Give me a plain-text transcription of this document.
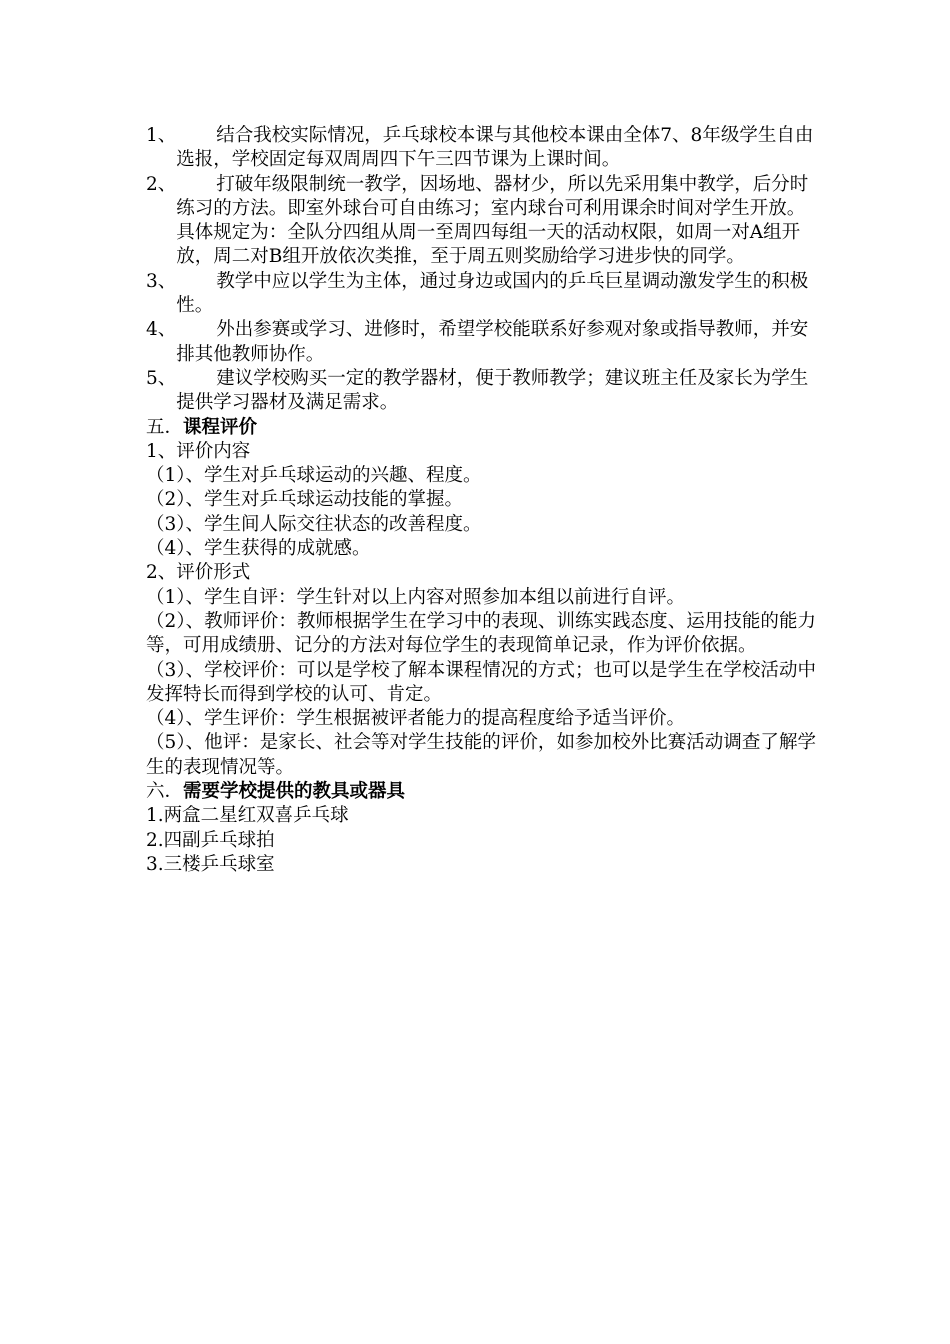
1、	结合我校实际情况，乒乓球校本课与其他校本课由全体7、8年级学生自由选报，学校固定每双周周四下午三四节课为上课时间。
2、	打破年级限制统一教学，因场地、器材少，所以先采用集中教学，后分时练习的方法。即室外球台可自由练习；室内球台可利用课余时间对学生开放。具体规定为：全队分四组从周一至周四每组一天的活动权限，如周一对A组开放，周二对B组开放依次类推，至于周五则奖励给学习进步快的同学。
3、	教学中应以学生为主体，通过身边或国内的乒乓巨星调动激发学生的积极性。
4、	外出参赛或学习、进修时，希望学校能联系好参观对象或指导教师，并安排其他教师协作。
5、	建议学校购买一定的教学器材，便于教师教学；建议班主任及家长为学生提供学习器材及满足需求。
五．课程评价
1、评价内容
（1）、学生对乒乓球运动的兴趣、程度。
（2）、学生对乒乓球运动技能的掌握。
（3）、学生间人际交往状态的改善程度。
（4）、学生获得的成就感。
2、评价形式
（1）、学生自评：学生针对以上内容对照参加本组以前进行自评。
（2）、教师评价：教师根据学生在学习中的表现、训练实践态度、运用技能的能力等，可用成绩册、记分的方法对每位学生的表现简单记录，作为评价依据。
（3）、学校评价：可以是学校了解本课程情况的方式；也可以是学生在学校活动中发挥特长而得到学校的认可、肯定。
（4）、学生评价：学生根据被评者能力的提高程度给予适当评价。
（5）、他评：是家长、社会等对学生技能的评价，如参加校外比赛活动调查了解学生的表现情况等。
六．需要学校提供的教具或器具
1.两盒二星红双喜乒乓球
2.四副乒乓球拍
3.三楼乒乓球室
